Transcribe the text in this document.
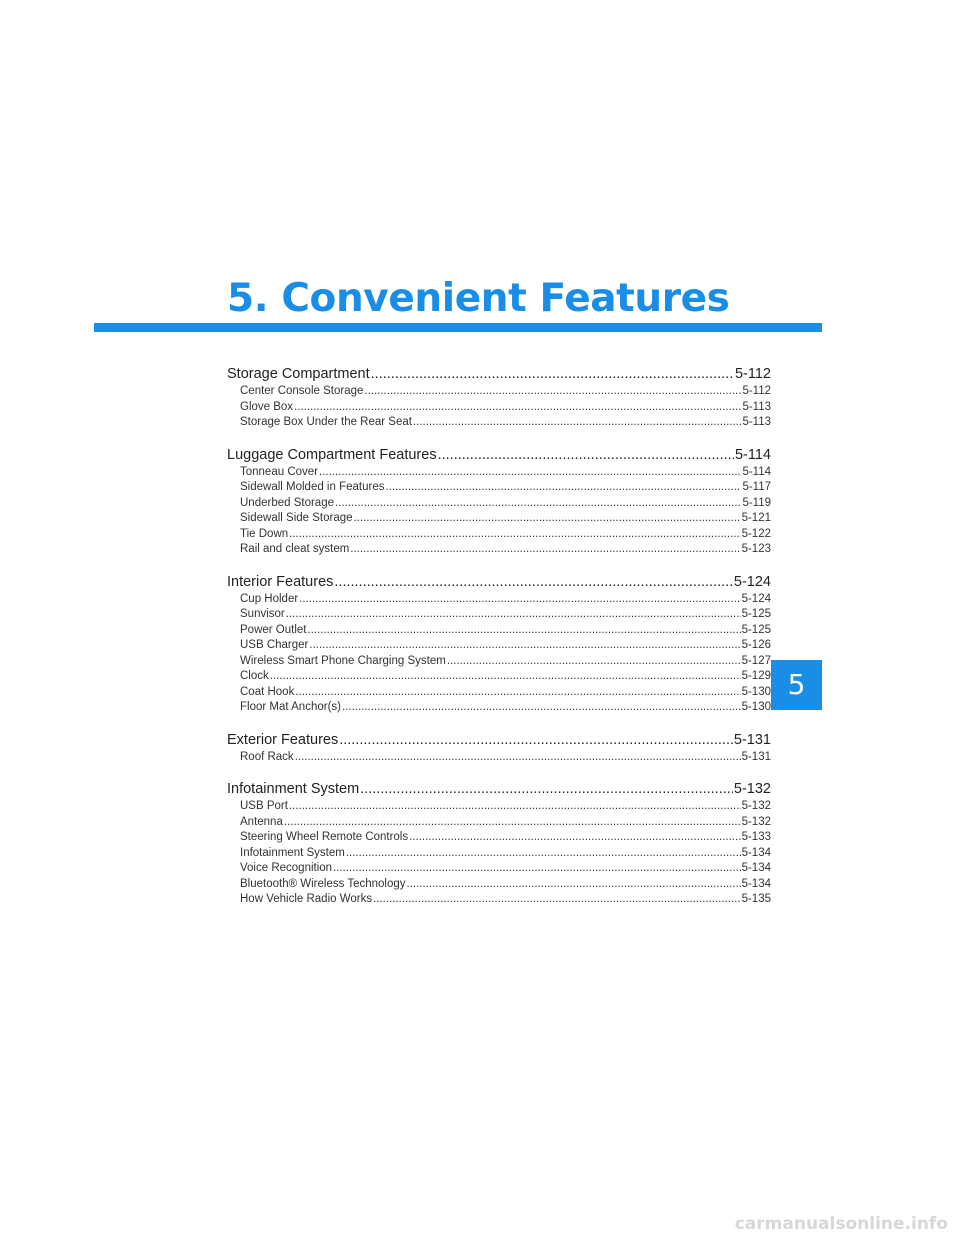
5. Convenient Features
Storage Compartment .....	5-112
Center Console Storage .....	5-112
Glove Box .....	5-113
Storage Box Under the Rear Seat .....	5-113
Luggage Compartment Features .....	5-114
Tonneau Cover .....	5-114
Sidewall Molded in Features .....	5-117
Underbed Storage .....	5-119
Sidewall Side Storage .....	5-121
Tie Down .....	5-122
Rail and cleat system .....	5-123
Interior Features .....	5-124
Cup Holder .....	5-124
Sunvisor .....	5-125
Power Outlet .....	5-125
USB Charger .....	5-126
Wireless Smart Phone Charging System .....	5-127
Clock .....	5-129
Coat Hook .....	5-130
Floor Mat Anchor(s) .....	5-130
Exterior Features .....	5-131
Roof Rack .....	5-131
Infotainment System .....	5-132
USB Port .....	5-132
Antenna .....	5-132
Steering Wheel Remote Controls .....	5-133
Infotainment System .....	5-134
Voice Recognition .....	5-134
Bluetooth® Wireless Technology .....	5-134
How Vehicle Radio Works .....	5-135
5
carmanualsonline.info
